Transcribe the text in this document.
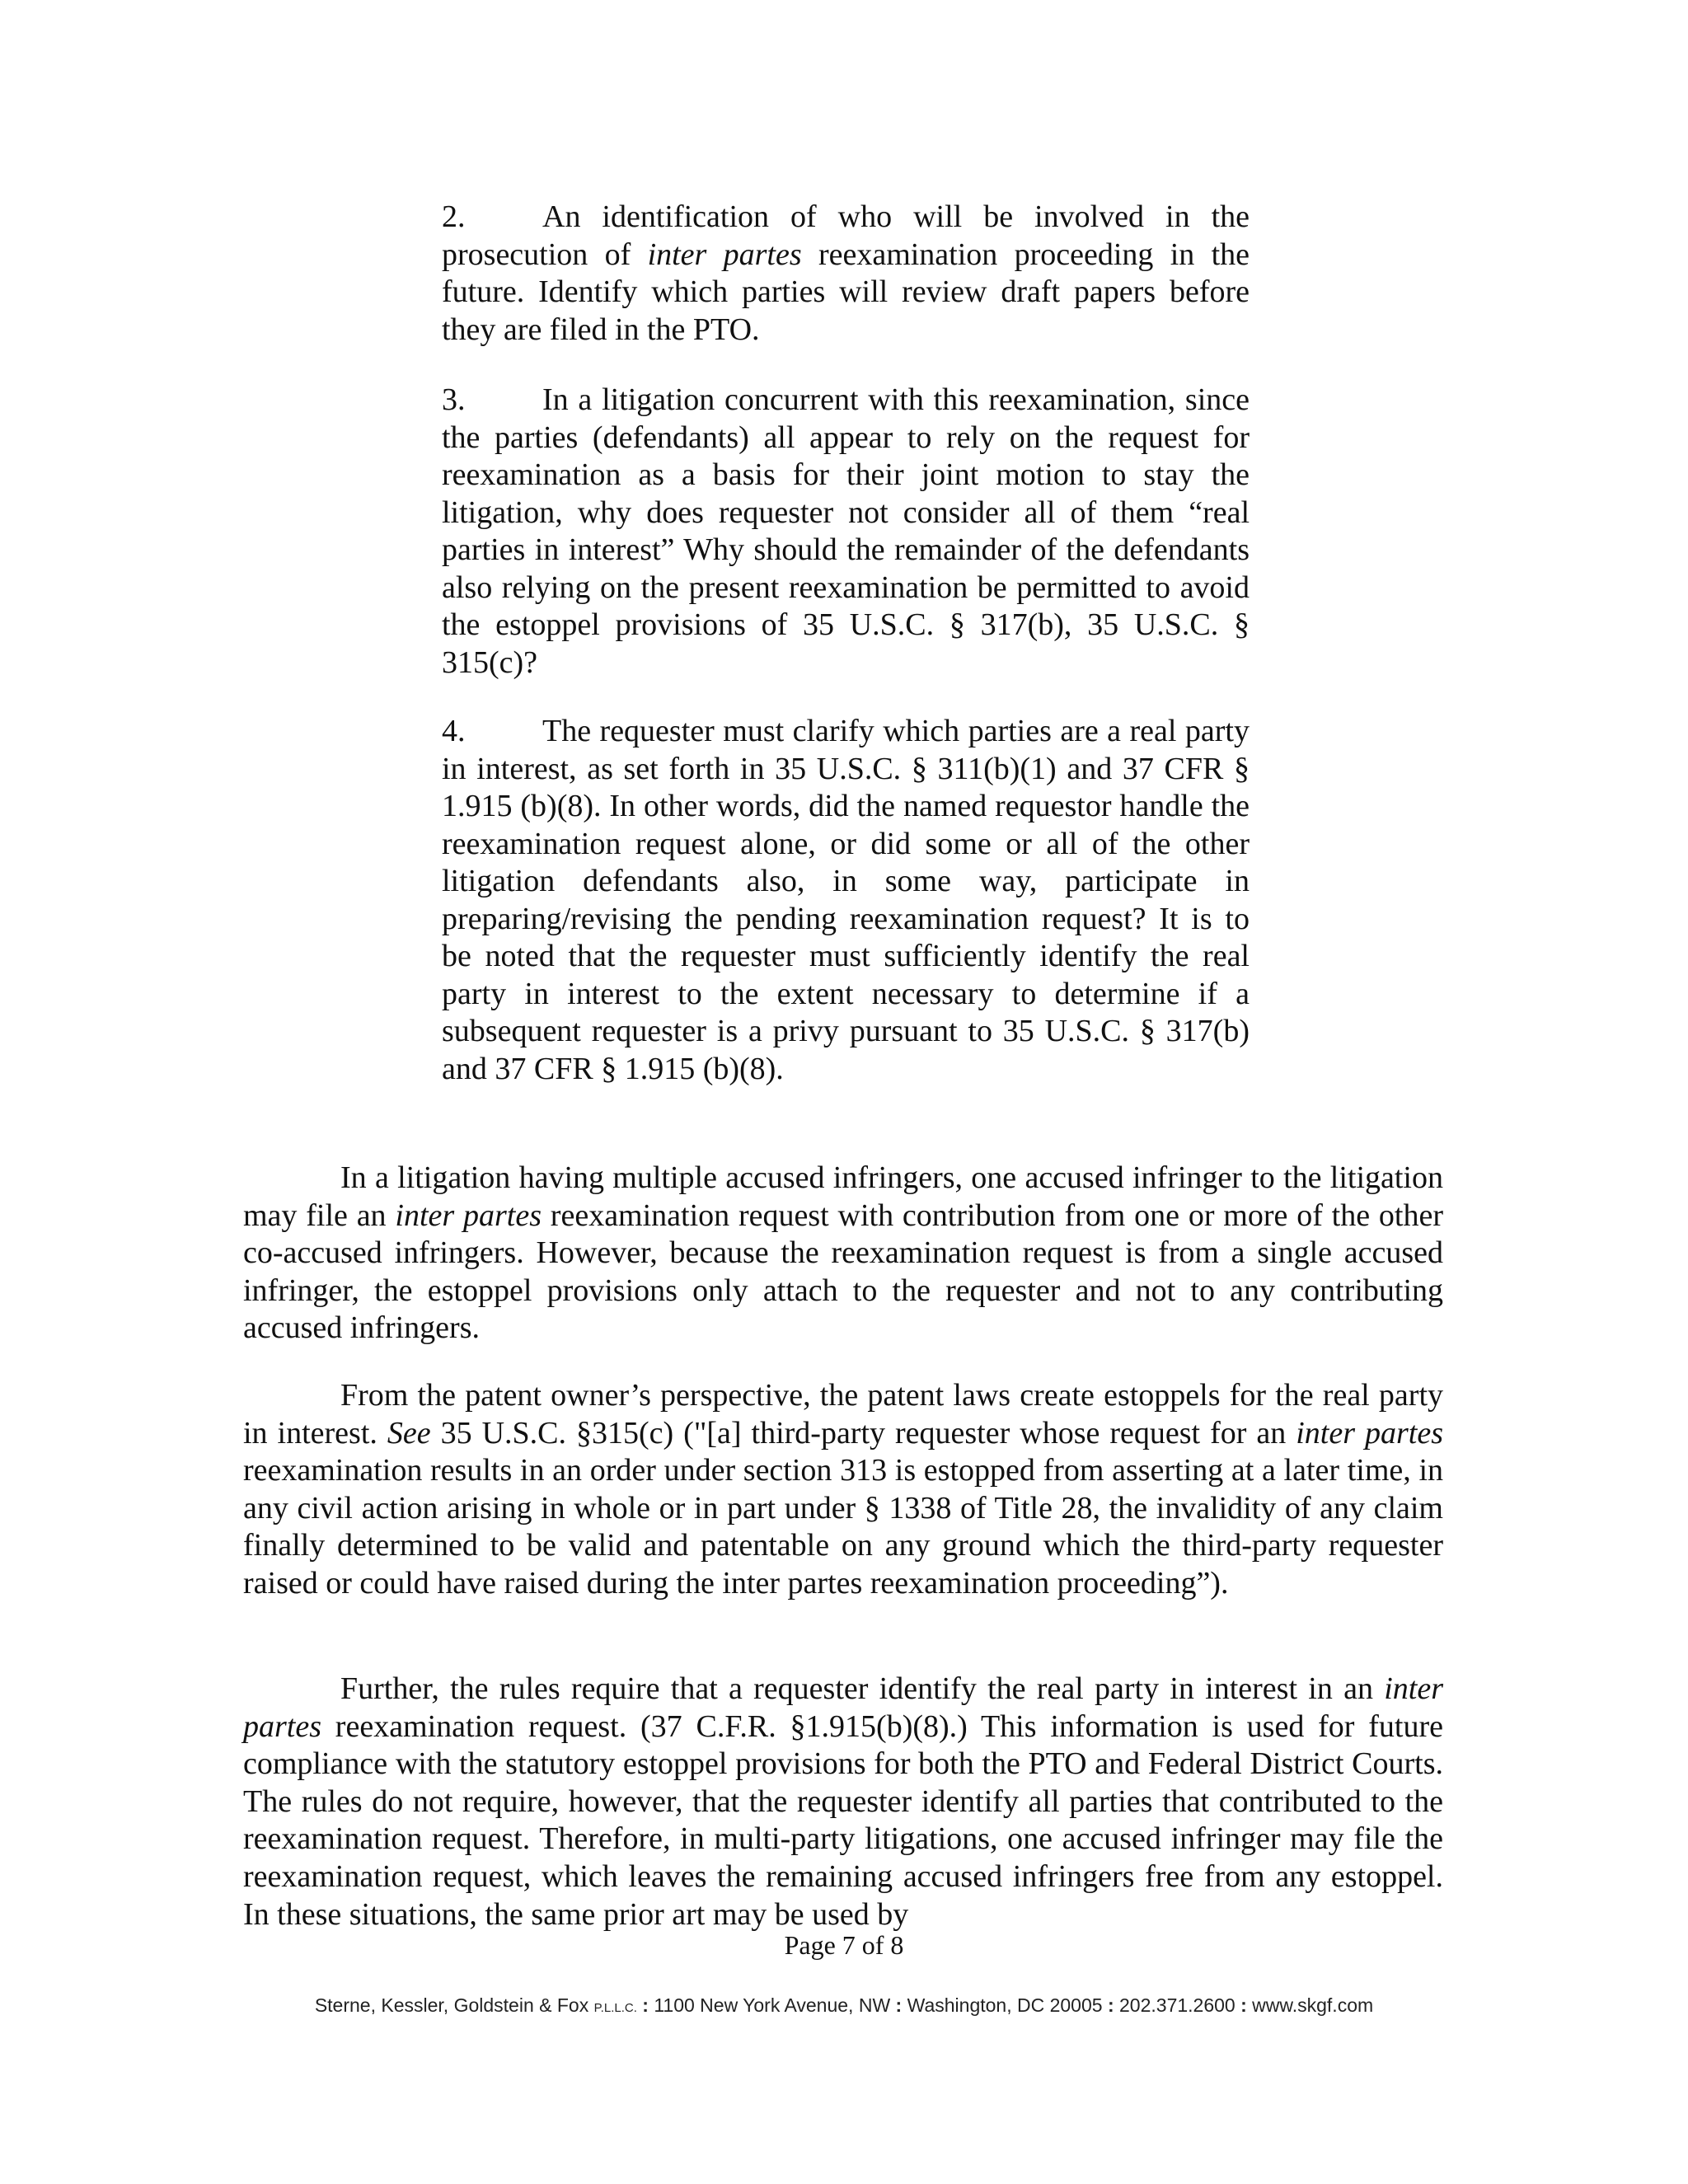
2. An identification of who will be involved in the prosecution of inter partes reexamination proceeding in the future. Identify which parties will review draft papers before they are filed in the PTO.

3. In a litigation concurrent with this reexamination, since the parties (defendants) all appear to rely on the request for reexamination as a basis for their joint motion to stay the litigation, why does requester not consider all of them “real parties in interest” Why should the remainder of the defendants also relying on the present reexamination be permitted to avoid the estoppel provisions of 35 U.S.C. § 317(b), 35 U.S.C. § 315(c)?

4. The requester must clarify which parties are a real party in interest, as set forth in 35 U.S.C. § 311(b)(1) and 37 CFR § 1.915 (b)(8). In other words, did the named requestor handle the reexamination request alone, or did some or all of the other litigation defendants also, in some way, participate in preparing/revising the pending reexamination request? It is to be noted that the requester must sufficiently identify the real party in interest to the extent necessary to determine if a subsequent requester is a privy pursuant to 35 U.S.C. § 317(b) and 37 CFR § 1.915 (b)(8).

In a litigation having multiple accused infringers, one accused infringer to the litigation may file an inter partes reexamination request with contribution from one or more of the other co-accused infringers. However, because the reexamination request is from a single accused infringer, the estoppel provisions only attach to the requester and not to any contributing accused infringers.

From the patent owner’s perspective, the patent laws create estoppels for the real party in interest. See 35 U.S.C. §315(c) ("[a] third-party requester whose request for an inter partes reexamination results in an order under section 313 is estopped from asserting at a later time, in any civil action arising in whole or in part under § 1338 of Title 28, the invalidity of any claim finally determined to be valid and patentable on any ground which the third-party requester raised or could have raised during the inter partes reexamination proceeding”).

Further, the rules require that a requester identify the real party in interest in an inter partes reexamination request. (37 C.F.R. §1.915(b)(8).) This information is used for future compliance with the statutory estoppel provisions for both the PTO and Federal District Courts. The rules do not require, however, that the requester identify all parties that contributed to the reexamination request. Therefore, in multi-party litigations, one accused infringer may file the reexamination request, which leaves the remaining accused infringers free from any estoppel. In these situations, the same prior art may be used by

Page 7 of 8
Sterne, Kessler, Goldstein & Fox P.L.L.C. : 1100 New York Avenue, NW : Washington, DC 20005 : 202.371.2600 : www.skgf.com
